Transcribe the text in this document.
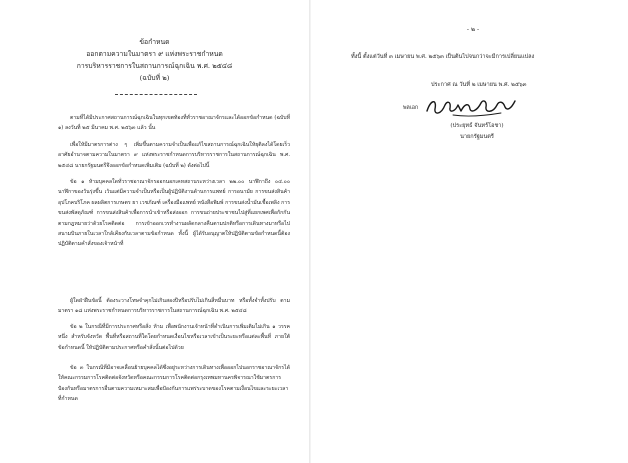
ข้อกำหนด
ออกตามความในมาตรา ๙ แห่งพระราชกำหนด
การบริหารราชการในสถานการณ์ฉุกเฉิน พ.ศ. ๒๕๔๘
(ฉบับที่ ๒)

ตามที่ได้มีประกาศสถานการณ์ฉุกเฉินในทุกเขตท้องที่ทั่วราชอาณาจักรและได้ออกข้อกำหนด (ฉบับที่ ๑) ลงวันที่ ๒๕ มีนาคม พ.ศ. ๒๕๖๓ แล้ว นั้น

เพื่อให้มีมาตรการต่าง ๆ เพิ่มขึ้นตามความจำเป็นเพื่อแก้ไขสถานการณ์ฉุกเฉินให้ยุติลงได้โดยเร็ว อาศัยอำนาจตามความในมาตรา ๙ แห่งพระราชกำหนดการบริหารราชการในสถานการณ์ฉุกเฉิน พ.ศ. ๒๕๔๘ นายกรัฐมนตรีจึงออกข้อกำหนดเพิ่มเติม (ฉบับที่ ๒) ดังต่อไปนี้

ข้อ ๑ ห้ามบุคคลใดทั่วราชอาณาจักรออกนอกเคหสถานระหว่างเวลา ๒๒.๐๐ นาฬิกาถึง ๐๔.๐๐ นาฬิกาของวันรุ่งขึ้น เว้นแต่มีความจำเป็นหรือเป็นผู้ปฏิบัติงานด้านการแพทย์ การอนามัย การขนส่งสินค้าอุปโภคบริโภค ผลผลิตการเกษตร ยา เวชภัณฑ์ เครื่องมือแพทย์ หนังสือพิมพ์ การขนส่งน้ำมันเชื้อเพลิง การขนส่งพัสดุภัณฑ์ การขนส่งสินค้าเพื่อการนำเข้าหรือส่งออก การขนถ่ายประชาชนไปสู่ที่แยกเพศเพื่อกักกันตามกฎหมายว่าด้วยโรคติดต่อ การเข้าออกเวรทำงานผลัดกลางคืนตามปกติหรือการเดินทางมาหรือไปสนามบินภายในเวลาใกล้เคียงกับเวลาตามข้อกำหนด ทั้งนี้ ผู้ได้รับอนุญาตให้ปฏิบัติตามข้อกำหนดนี้ต้องปฏิบัติตามคำสั่งของเจ้าหน้าที่

ผู้ใดฝ่าฝืนข้อนี้ ต้องระวางโทษจำคุกไม่เกินสองปีหรือปรับไม่เกินสี่หมื่นบาท หรือทั้งจำทั้งปรับ ตามมาตรา ๑๘ แห่งพระราชกำหนดการบริหารราชการในสถานการณ์ฉุกเฉิน พ.ศ. ๒๕๔๘

ข้อ ๒ ในกรณีที่มีการประกาศหรือสั่ง ห้าม เพื่อพนักงานเจ้าหน้าที่ดำเนินการเพิ่มเติมไม่เกิน ๑ วรรคหนึ่ง สำหรับจังหวัด พื้นที่หรือสถานที่ใดโดยกำหนดเงื่อนไขหรือเวลาเข้าเป็นระยะหรือแต่ละพื้นที่ ภายใต้ข้อกำหนดนี้ ให้ปฏิบัติตามประกาศหรือคำสั่งนั้นต่อไปด้วย

ข้อ ๓ ในกรณีที่มีอาจเคลื่อนย้ายบุคคลได้ซึ่งอยู่ระหว่างการเดินทางเพื่อออกไปนอกราชอาณาจักรได้ ให้คณะกรรมการโรคติดต่อจังหวัดหรือคณะกรรมการโรคติดต่อกรุงเทพมหานครพิจารณาใช้มาตรการป้องกันหรือมาตรการอื่นตามความเหมาะสมเพื่อป้องกันการแพร่ระบาดของโรคตามเงื่อนไขและระยะเวลาที่กำหนด

- ๒ -
ทั้งนี้ ตั้งแต่วันที่ ๓ เมษายน พ.ศ. ๒๕๖๓ เป็นต้นไปจนกว่าจะมีการเปลี่ยนแปลง
ประกาศ ณ วันที่ ๒ เมษายน พ.ศ. ๒๕๖๓
พลเอก
(ประยุทธ์ จันทร์โอชา)
นายกรัฐมนตรี
